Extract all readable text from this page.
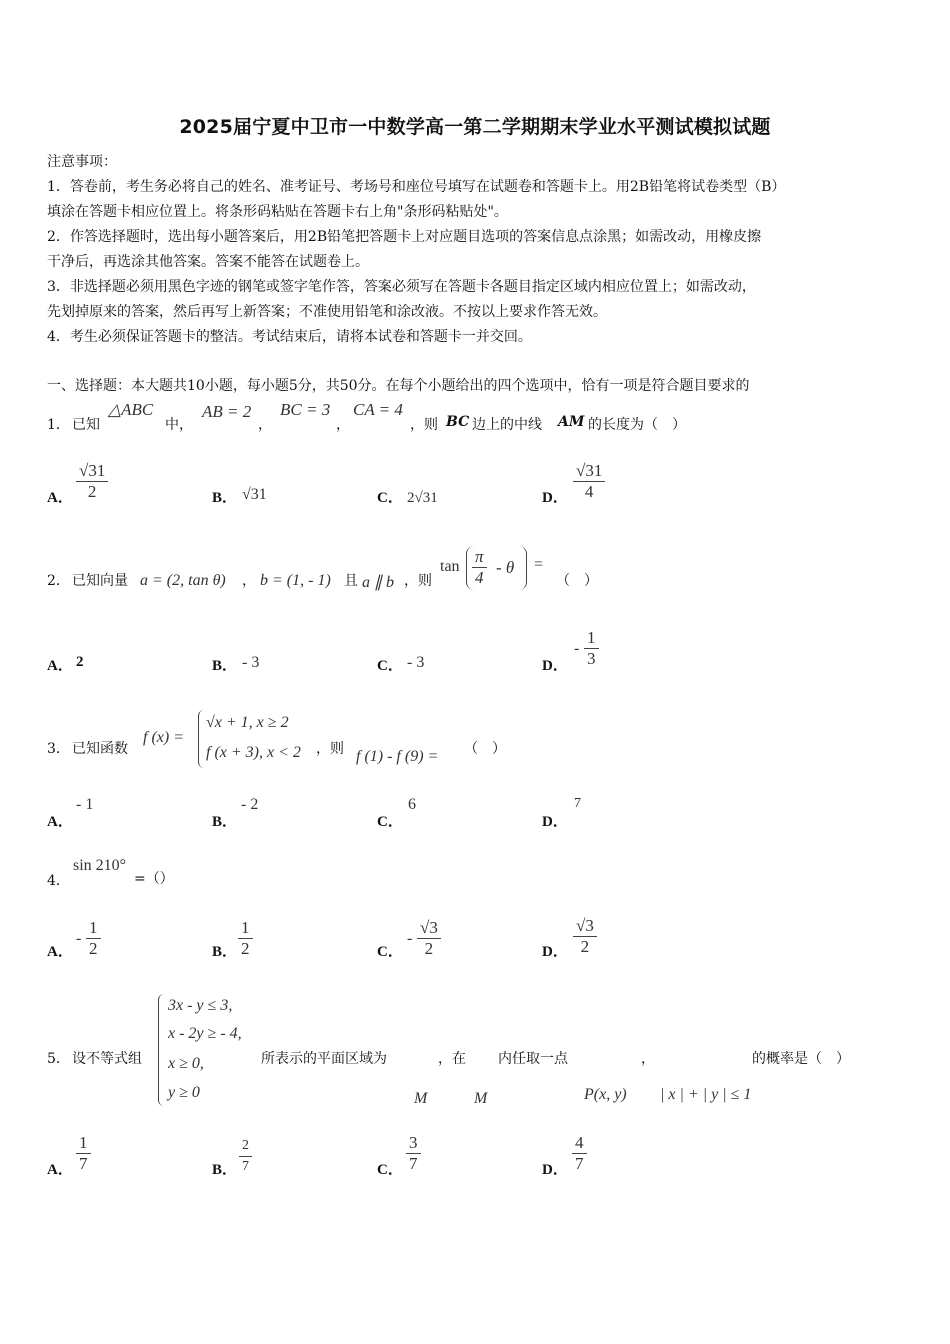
2025届宁夏中卫市一中数学高一第二学期期末学业水平测试模拟试题
注意事项：
1．答卷前，考生务必将自己的姓名、准考证号、考场号和座位号填写在试题卷和答题卡上。用2B铅笔将试卷类型（B）
填涂在答题卡相应位置上。将条形码粘贴在答题卡右上角"条形码粘贴处"。
2．作答选择题时，选出每小题答案后，用2B铅笔把答题卡上对应题目选项的答案信息点涂黑；如需改动，用橡皮擦
干净后，再选涂其他答案。答案不能答在试题卷上。
3．非选择题必须用黑色字迹的钢笔或签字笔作答，答案必须写在答题卡各题目指定区域内相应位置上；如需改动，
先划掉原来的答案，然后再写上新答案；不准使用铅笔和涂改液。不按以上要求作答无效。
4．考生必须保证答题卡的整洁。考试结束后，请将本试卷和答题卡一并交回。
一、选择题：本大题共10小题，每小题5分，共50分。在每个小题给出的四个选项中，恰有一项是符合题目要求的
1． 已知
△ABC
中，
AB = 2
，
BC = 3
，
CA = 4
，则 BC 边上的中线 AM 的长度为（　）
A． $\frac{√31}{2}$	B． √31	C． 2√31	D． $\frac{√31}{4}$
2． 已知向量 a = (2, tan θ) ， b = (1, - 1) 且 a ∥ b ，则
$\tan \frac{\pi}{4}$ - θ =
（　）
A． 2	B． - 3	C． - 3	D．
- $\frac{1}{3}$
3． 已知函数
f (x) =
√x + 1, x ≥ 2
f (x + 3), x < 2 ，则 f (1) - f (9) = （　）
A．
- 1
B．
- 2
C．
6
D．
7
4．
sin 210°
=（）
A．
- $\frac{1}{2}$	B． $\frac{1}{2}$	C．
- $\frac{√3}{2}$	D． $\frac{√3}{2}$
5． 设不等式组
3x - y ≤ 3,
x - 2y ≥ - 4,
x ≥ 0,
y ≥ 0
所表示的平面区域为	，在 内任取一点	，	的概率是（　）
M	M	P(x, y) | x | + | y | ≤ 1
A． $\frac{1}{7}$	B． $\frac{2}{7}$	C． $\frac{3}{7}$	D． $\frac{4}{7}$
